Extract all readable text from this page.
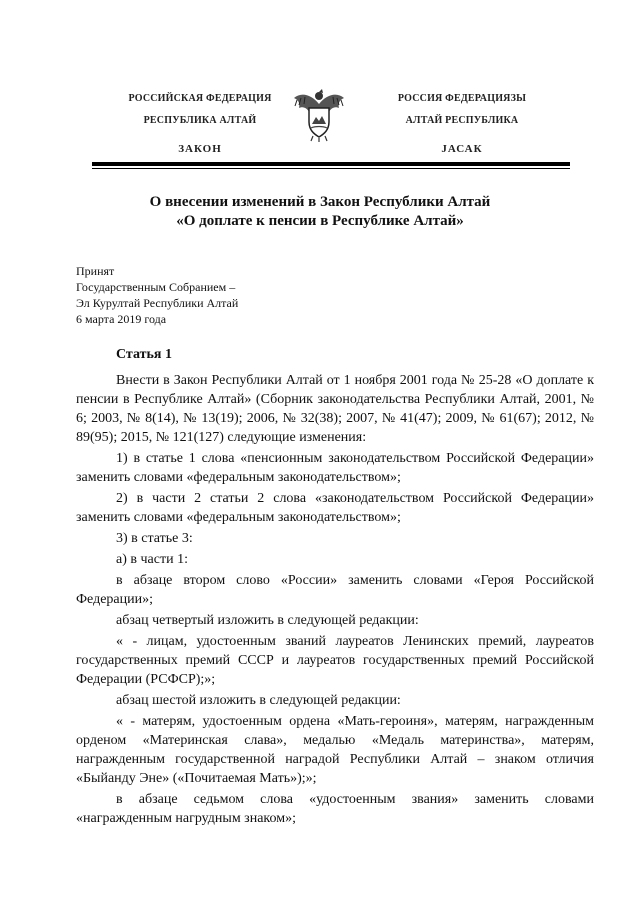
РОССИЙСКАЯ ФЕДЕРАЦИЯ
РЕСПУБЛИКА АЛТАЙ
ЗАКОН
РОССИЯ ФЕДЕРАЦИЯЗЫ
АЛТАЙ РЕСПУБЛИКА
JАСАК
О внесении изменений в Закон Республики Алтай
«О доплате к пенсии в Республике Алтай»
Принят
Государственным Собранием –
Эл Курултай Республики Алтай
6 марта 2019 года
Статья 1

Внести в Закон Республики Алтай от 1 ноября 2001 года № 25-28 «О доплате к пенсии в Республике Алтай» (Сборник законодательства Республики Алтай, 2001, № 6; 2003, № 8(14), № 13(19); 2006, № 32(38); 2007, № 41(47); 2009, № 61(67); 2012, № 89(95); 2015, № 121(127) следующие изменения:

1) в статье 1 слова «пенсионным законодательством Российской Федерации» заменить словами «федеральным законодательством»;

2) в части 2 статьи 2 слова «законодательством Российской Федерации» заменить словами «федеральным законодательством»;

3) в статье 3:

а) в части 1:

в абзаце втором слово «России» заменить словами «Героя Российской Федерации»;

абзац четвертый изложить в следующей редакции:

« - лицам, удостоенным званий лауреатов Ленинских премий, лауреатов государственных премий СССР и лауреатов государственных премий Российской Федерации (РСФСР);»;

абзац шестой изложить в следующей редакции:

« - матерям, удостоенным ордена «Мать-героиня», матерям, награжденным орденом «Материнская слава», медалью «Медаль материнства», матерям, награжденным государственной наградой Республики Алтай – знаком отличия «Быйанду Эне» («Почитаемая Мать»);»;

в абзаце седьмом слова «удостоенным звания» заменить словами «награжденным нагрудным знаком»;
